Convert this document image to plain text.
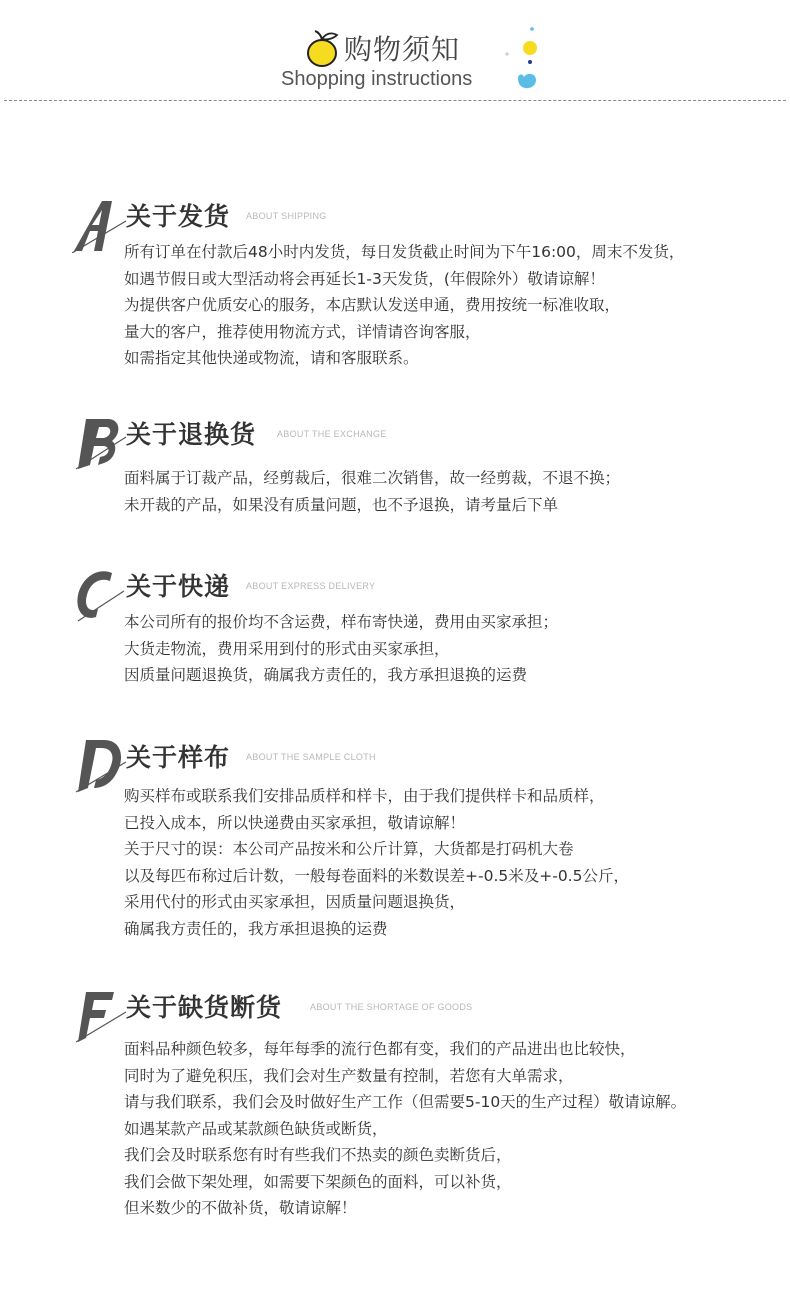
购物须知
Shopping instructions
关于发货 ABOUT SHIPPING
所有订单在付款后48小时内发货，每日发货截止时间为下午16:00，周末不发货，
如遇节假日或大型活动将会再延长1-3天发货，(年假除外）敬请谅解！
为提供客户优质安心的服务，本店默认发送申通，费用按统一标准收取，
量大的客户，推荐使用物流方式，详情请咨询客服，
如需指定其他快递或物流，请和客服联系。
关于退换货 ABOUT THE EXCHANGE
面料属于订裁产品，经剪裁后，很难二次销售，故一经剪裁，不退不换；
未开裁的产品，如果没有质量问题，也不予退换，请考量后下单
关于快递 ABOUT EXPRESS DELIVERY
本公司所有的报价均不含运费，样布寄快递，费用由买家承担；
大货走物流，费用采用到付的形式由买家承担，
因质量问题退换货，确属我方责任的，我方承担退换的运费
关于样布 ABOUT THE SAMPLE CLOTH
购买样布或联系我们安排品质样和样卡，由于我们提供样卡和品质样，
已投入成本，所以快递费由买家承担，敬请谅解！
关于尺寸的误：本公司产品按米和公斤计算，大货都是打码机大卷
以及每匹布称过后计数，一般每卷面料的米数误差+-0.5米及+-0.5公斤，
采用代付的形式由买家承担，因质量问题退换货，
确属我方责任的，我方承担退换的运费
关于缺货断货	ABOUT THE SHORTAGE OF GOODS
面料品种颜色较多，每年每季的流行色都有变，我们的产品进出也比较快，
同时为了避免积压，我们会对生产数量有控制，若您有大单需求，
请与我们联系，我们会及时做好生产工作（但需要5-10天的生产过程）敬请谅解。
如遇某款产品或某款颜色缺货或断货，
我们会及时联系您有时有些我们不热卖的颜色卖断货后，
我们会做下架处理，如需要下架颜色的面料，可以补货，
但米数少的不做补货，敬请谅解！
